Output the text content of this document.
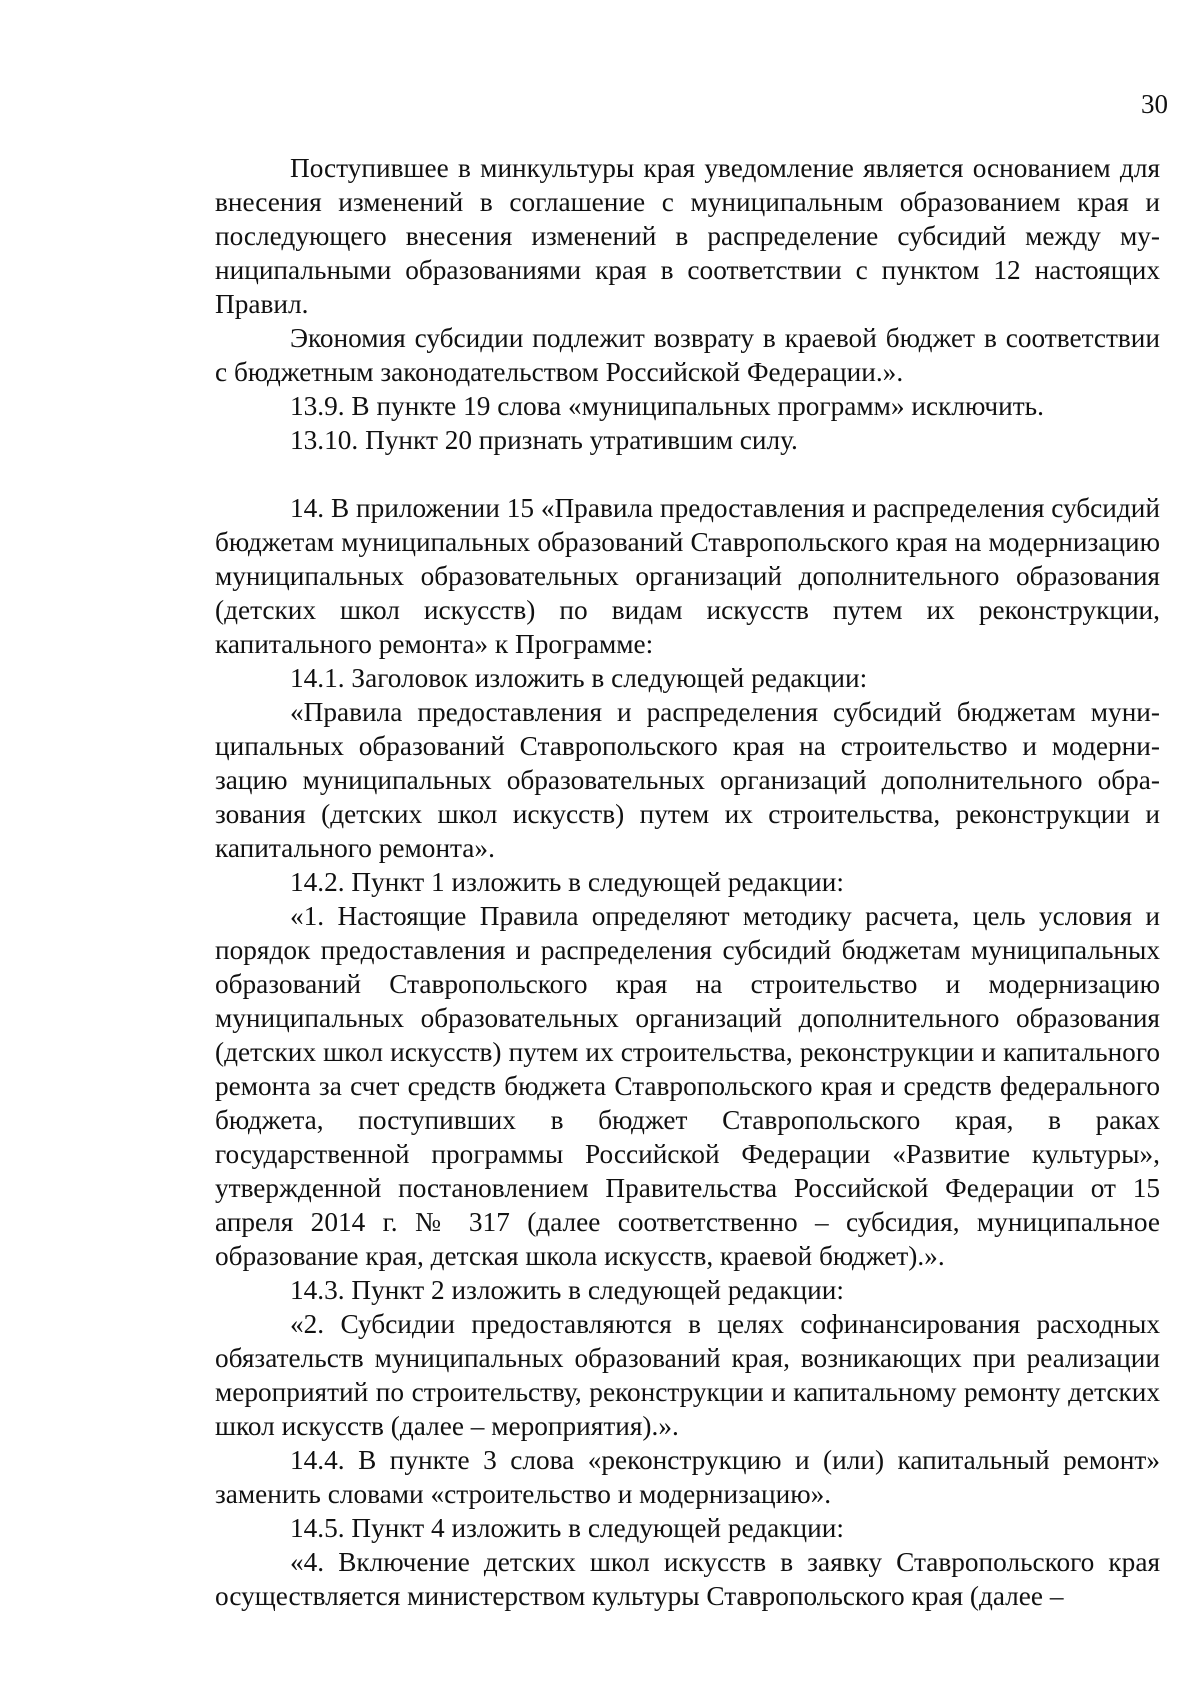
30

Поступившее в минкультуры края уведомление является основанием для внесения изменений в соглашение с муниципальным образованием края и последующего внесения изменений в распределение субсидий между муниципальными образованиями края в соответствии с пунктом 12 настоящих Правил.

Экономия субсидии подлежит возврату в краевой бюджет в соответствии с бюджетным законодательством Российской Федерации.».

13.9. В пункте 19 слова «муниципальных программ» исключить.

13.10. Пункт 20 признать утратившим силу.

14. В приложении 15 «Правила предоставления и распределения субсидий бюджетам муниципальных образований Ставропольского края на модернизацию муниципальных образовательных организаций дополнительного образования (детских школ искусств) по видам искусств путем их реконструкции, капитального ремонта» к Программе:

14.1. Заголовок изложить в следующей редакции:

«Правила предоставления и распределения субсидий бюджетам муниципальных образований Ставропольского края на строительство и модернизацию муниципальных образовательных организаций дополнительного образования (детских школ искусств) путем их строительства, реконструкции и капитального ремонта».

14.2. Пункт 1 изложить в следующей редакции:

«1. Настоящие Правила определяют методику расчета, цель условия и порядок предоставления и распределения субсидий бюджетам муниципальных образований Ставропольского края на строительство и модернизацию муниципальных образовательных организаций дополнительного образования (детских школ искусств) путем их строительства, реконструкции и капитального ремонта за счет средств бюджета Ставропольского края и средств федерального бюджета, поступивших в бюджет Ставропольского края, в раках государственной программы Российской Федерации «Развитие культуры», утвержденной постановлением Правительства Российской Федерации от 15 апреля 2014 г. № 317 (далее соответственно – субсидия, муниципальное образование края, детская школа искусств, краевой бюджет).».

14.3. Пункт 2 изложить в следующей редакции:

«2. Субсидии предоставляются в целях софинансирования расходных обязательств муниципальных образований края, возникающих при реализации мероприятий по строительству, реконструкции и капитальному ремонту детских школ искусств (далее – мероприятия).».

14.4. В пункте 3 слова «реконструкцию и (или) капитальный ремонт» заменить словами «строительство и модернизацию».

14.5. Пункт 4 изложить в следующей редакции:

«4. Включение детских школ искусств в заявку Ставропольского края осуществляется министерством культуры Ставропольского края (далее –
